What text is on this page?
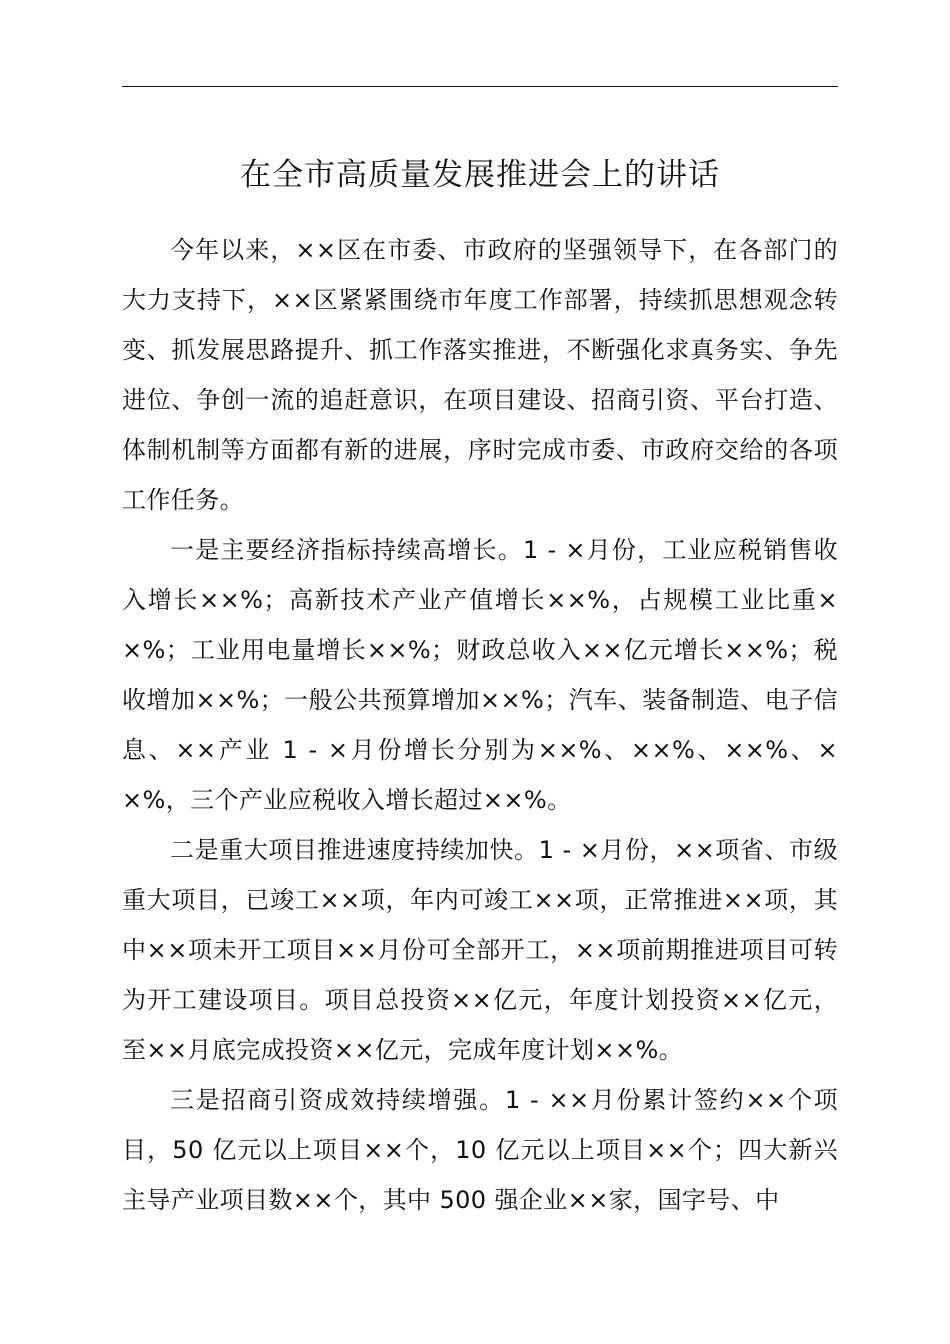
在全市高质量发展推进会上的讲话

今年以来，××区在市委、市政府的坚强领导下，在各部门的大力支持下，××区紧紧围绕市年度工作部署，持续抓思想观念转变、抓发展思路提升、抓工作落实推进，不断强化求真务实、争先进位、争创一流的追赶意识，在项目建设、招商引资、平台打造、体制机制等方面都有新的进展，序时完成市委、市政府交给的各项工作任务。

一是主要经济指标持续高增长。1 - ×月份，工业应税销售收入增长××%；高新技术产业产值增长××%，占规模工业比重××%；工业用电量增长××%；财政总收入××亿元增长××%；税收增加××%；一般公共预算增加××%；汽车、装备制造、电子信息、××产业 1 - ×月份增长分别为××%、××%、××%、××%，三个产业应税收入增长超过××%。

二是重大项目推进速度持续加快。1 - ×月份，××项省、市级重大项目，已竣工××项，年内可竣工××项，正常推进××项，其中××项未开工项目××月份可全部开工，××项前期推进项目可转为开工建设项目。项目总投资××亿元，年度计划投资××亿元，至××月底完成投资××亿元，完成年度计划××%。

三是招商引资成效持续增强。1 - ××月份累计签约××个项目，50 亿元以上项目××个，10 亿元以上项目××个；四大新兴主导产业项目数××个，其中 500 强企业××家，国字号、中
